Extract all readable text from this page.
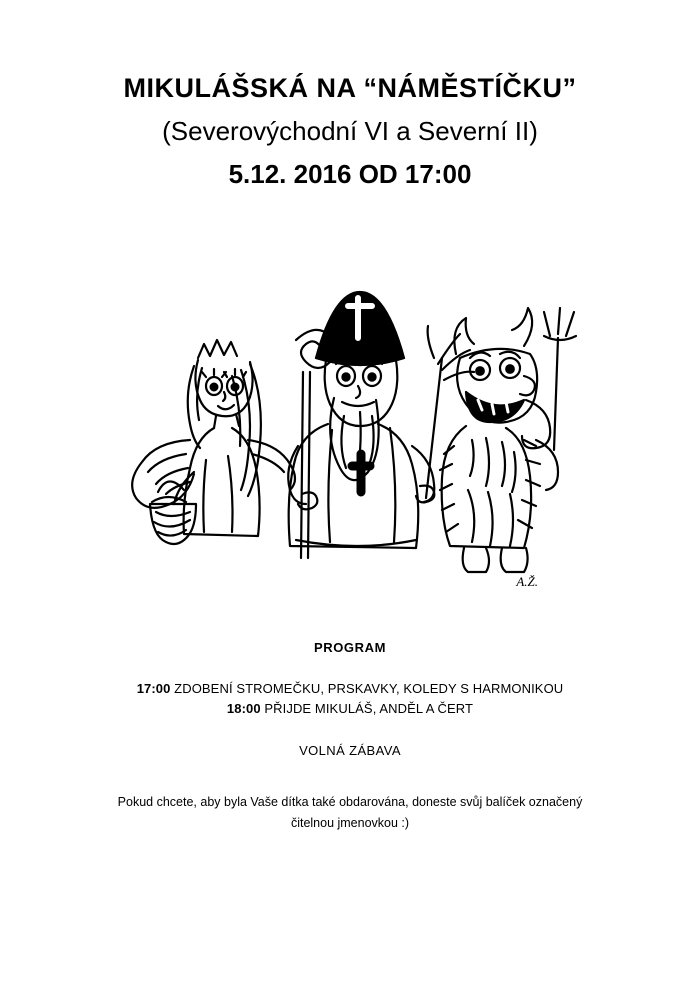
MIKULÁŠSKÁ NA “NÁMĚSTÍČKU”
(Severovýchodní VI a Severní II)
5.12. 2016 OD 17:00
A.Ž.
PROGRAM
17:00 ZDOBENÍ STROMEČKU, PRSKAVKY, KOLEDY S HARMONIKOU
18:00 PŘIJDE MIKULÁŠ, ANDĚL A ČERT
VOLNÁ ZÁBAVA
Pokud chcete, aby byla Vaše dítka také obdarována, doneste svůj balíček označený
čitelnou jmenovkou :)
